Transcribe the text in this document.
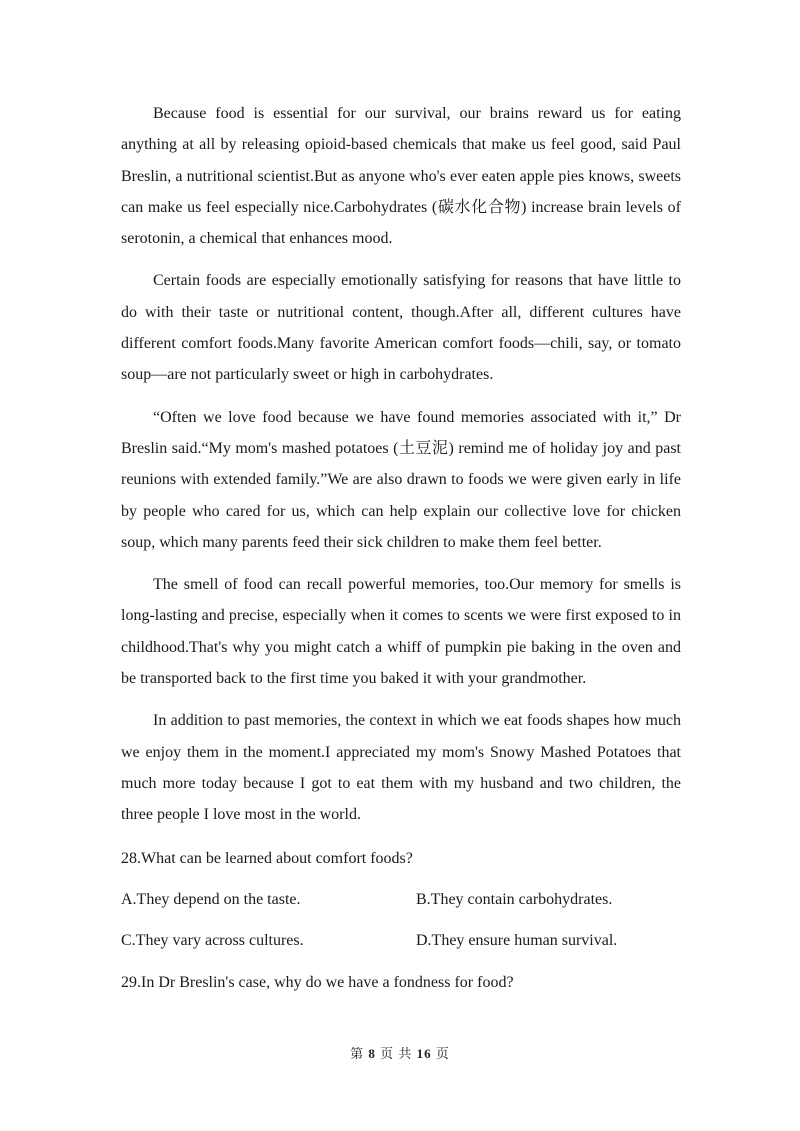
Because food is essential for our survival, our brains reward us for eating anything at all by releasing opioid-based chemicals that make us feel good, said Paul Breslin, a nutritional scientist.But as anyone who's ever eaten apple pies knows, sweets can make us feel especially nice.Carbohydrates (碳水化合物) increase brain levels of serotonin, a chemical that enhances mood.

Certain foods are especially emotionally satisfying for reasons that have little to do with their taste or nutritional content, though.After all, different cultures have different comfort foods.Many favorite American comfort foods—chili, say, or tomato soup—are not particularly sweet or high in carbohydrates.

“Often we love food because we have found memories associated with it,” Dr Breslin said.“My mom's mashed potatoes (土豆泥) remind me of holiday joy and past reunions with extended family.”We are also drawn to foods we were given early in life by people who cared for us, which can help explain our collective love for chicken soup, which many parents feed their sick children to make them feel better.

The smell of food can recall powerful memories, too.Our memory for smells is long-lasting and precise, especially when it comes to scents we were first exposed to in childhood.That's why you might catch a whiff of pumpkin pie baking in the oven and be transported back to the first time you baked it with your grandmother.

In addition to past memories, the context in which we eat foods shapes how much we enjoy them in the moment.I appreciated my mom's Snowy Mashed Potatoes that much more today because I got to eat them with my husband and two children, the three people I love most in the world.

28.What can be learned about comfort foods?
A.They depend on the taste.	B.They contain carbohydrates.
C.They vary across cultures.	D.They ensure human survival.
29.In Dr Breslin's case, why do we have a fondness for food?
第 8 页 共 16 页
